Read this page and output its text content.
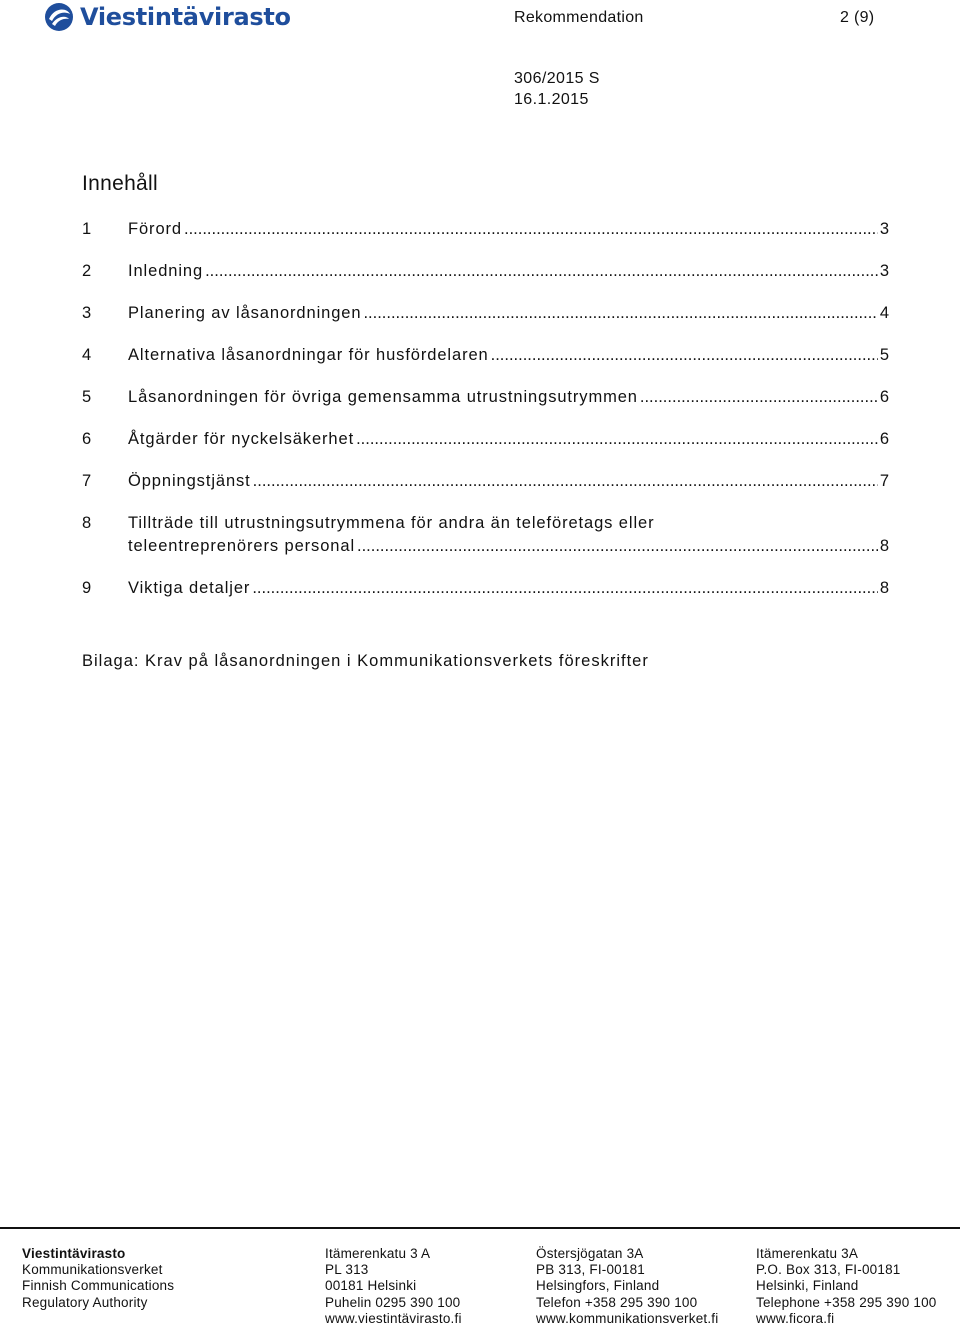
Viestintävirasto	Rekommendation	2 (9)
306/2015 S
16.1.2015
Innehåll
1 Förord .....	3
2 Inledning .....	3
3 Planering av låsanordningen .....	4
4 Alternativa låsanordningar för husfördelaren .....	5
5 Låsanordningen för övriga gemensamma utrustningsutrymmen .....	6
6 Åtgärder för nyckelsäkerhet .....	6
7 Öppningstjänst .....	7
8 Tillträde till utrustningsutrymmena för andra än teleföretags eller
teleentreprenörers personal .....	8
9 Viktiga detaljer .....	8
Bilaga: Krav på låsanordningen i Kommunikationsverkets föreskrifter
Viestintävirasto
Kommunikationsverket
Finnish Communications
Regulatory Authority
Itämerenkatu 3 A
PL 313
00181 Helsinki
Puhelin 0295 390 100
www.viestintävirasto.fi
Östersjögatan 3A
PB 313, FI-00181
Helsingfors, Finland
Telefon +358 295 390 100
www.kommunikationsverket.fi
Itämerenkatu 3A
P.O. Box 313, FI-00181
Helsinki, Finland
Telephone +358 295 390 100
www.ficora.fi
